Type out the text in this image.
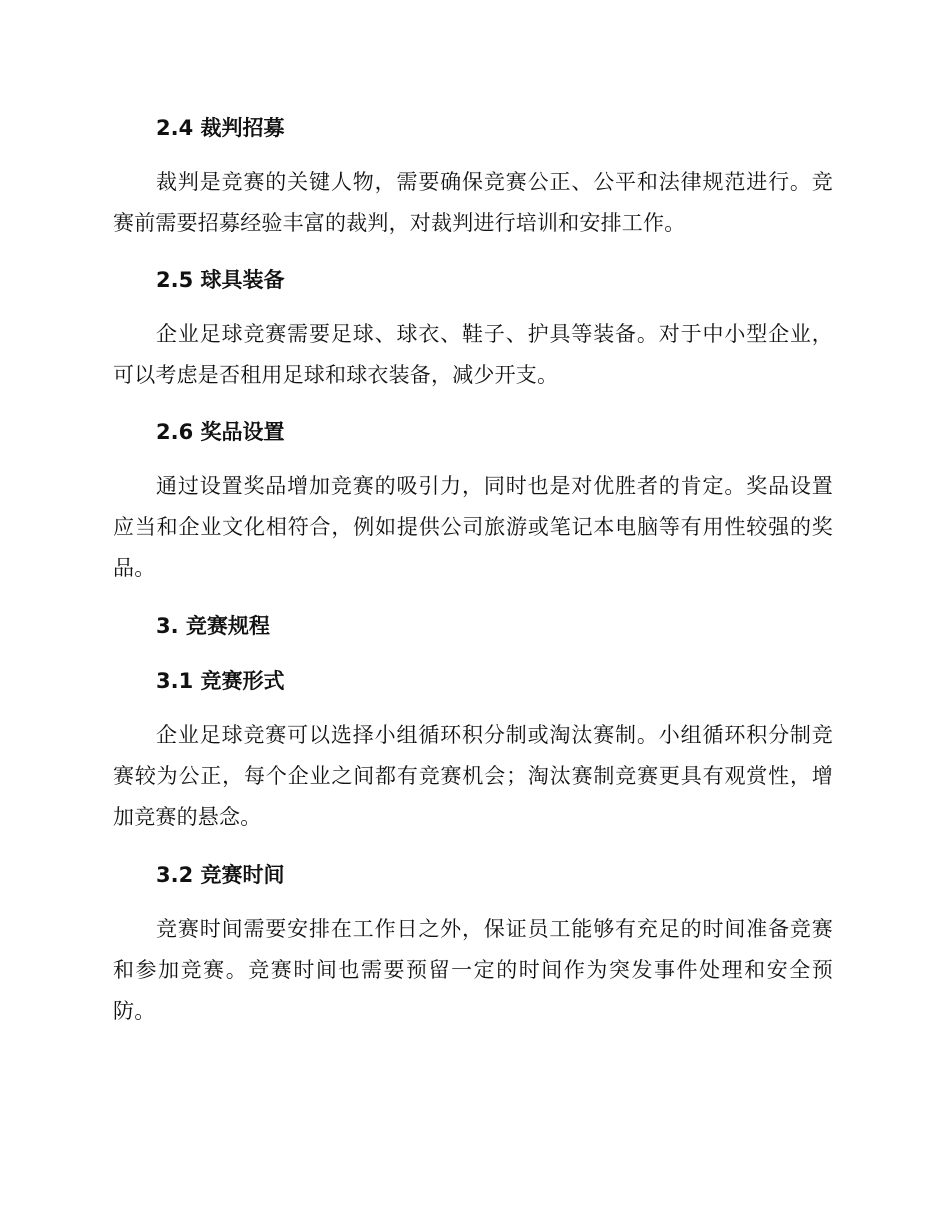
2.4 裁判招募
裁判是竞赛的关键人物，需要确保竞赛公正、公平和法律规范进行。竞赛前需要招募经验丰富的裁判，对裁判进行培训和安排工作。
2.5 球具装备
企业足球竞赛需要足球、球衣、鞋子、护具等装备。对于中小型企业，可以考虑是否租用足球和球衣装备，减少开支。
2.6 奖品设置
通过设置奖品增加竞赛的吸引力，同时也是对优胜者的肯定。奖品设置应当和企业文化相符合，例如提供公司旅游或笔记本电脑等有用性较强的奖品。
3. 竞赛规程
3.1 竞赛形式
企业足球竞赛可以选择小组循环积分制或淘汰赛制。小组循环积分制竞赛较为公正，每个企业之间都有竞赛机会；淘汰赛制竞赛更具有观赏性，增加竞赛的悬念。
3.2 竞赛时间
竞赛时间需要安排在工作日之外，保证员工能够有充足的时间准备竞赛和参加竞赛。竞赛时间也需要预留一定的时间作为突发事件处理和安全预防。
